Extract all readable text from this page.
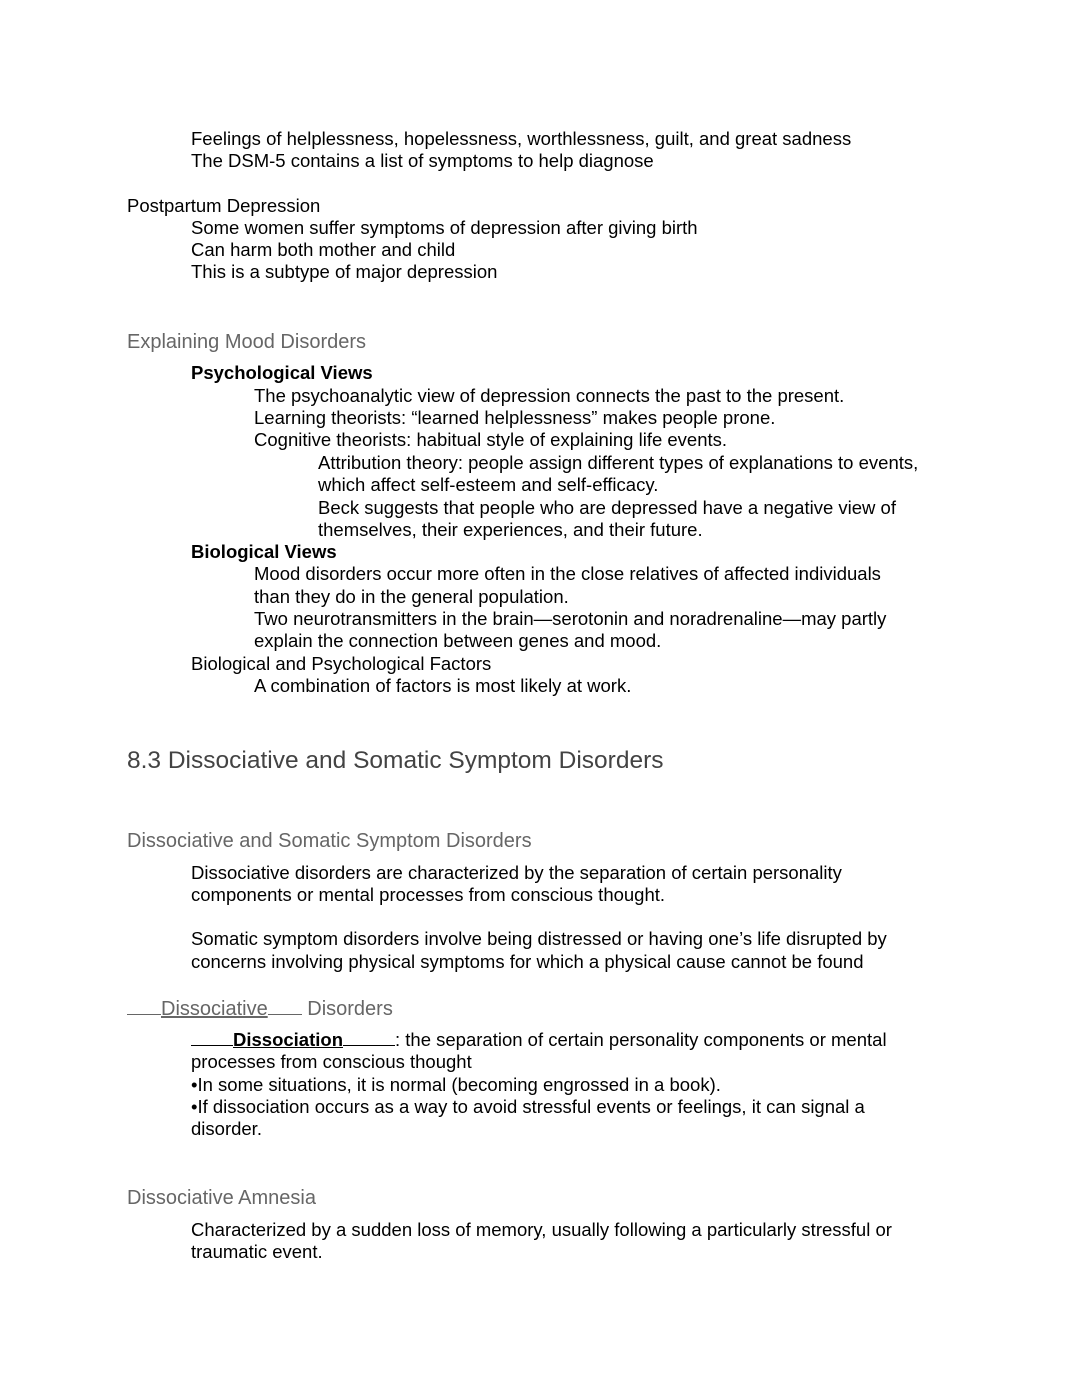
Feelings of helplessness, hopelessness, worthlessness, guilt, and great sadness
The DSM-5 contains a list of symptoms to help diagnose
Postpartum Depression
Some women suffer symptoms of depression after giving birth
Can harm both mother and child
This is a subtype of major depression
Explaining Mood Disorders
Psychological Views
The psychoanalytic view of depression connects the past to the present.
Learning theorists: “learned helplessness” makes people prone.
Cognitive theorists: habitual style of explaining life events.
Attribution theory: people assign different types of explanations to events,
which affect self-esteem and self-efficacy.
Beck suggests that people who are depressed have a negative view of
themselves, their experiences, and their future.
Biological Views
Mood disorders occur more often in the close relatives of affected individuals
than they do in the general population.
Two neurotransmitters in the brain—serotonin and noradrenaline—may partly
explain the connection between genes and mood.
Biological and Psychological Factors
A combination of factors is most likely at work.
8.3 Dissociative and Somatic Symptom Disorders
Dissociative and Somatic Symptom Disorders
Dissociative disorders are characterized by the separation of certain personality
components or mental processes from conscious thought.
Somatic symptom disorders involve being distressed or having one’s life disrupted by
concerns involving physical symptoms for which a physical cause cannot be found
Dissociative Disorders
Dissociation	: the separation of certain personality components or mental
processes from conscious thought
•In some situations, it is normal (becoming engrossed in a book).
•If dissociation occurs as a way to avoid stressful events or feelings, it can signal a
disorder.
Dissociative Amnesia
Characterized by a sudden loss of memory, usually following a particularly stressful or
traumatic event.
